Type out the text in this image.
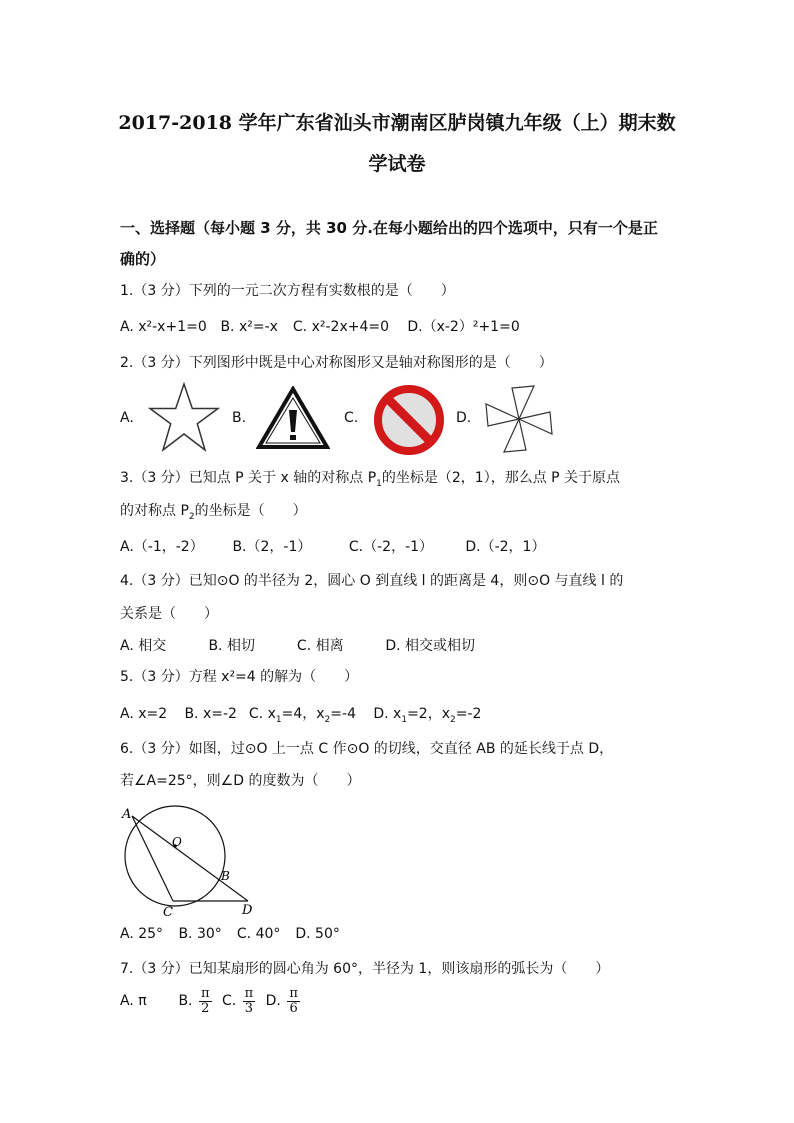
2017-2018 学年广东省汕头市潮南区胪岗镇九年级（上）期末数
学试卷
一、选择题（每小题 3 分，共 30 分.在每小题给出的四个选项中，只有一个是正
确的）
1.（3 分）下列的一元二次方程有实数根的是（　　）
A. x²-x+1=0 B. x²=-x C. x²-2x+4=0 D.（x-2）²+1=0
2.（3 分）下列图形中既是中心对称图形又是轴对称图形的是（　　）
A.	B.	C.	D.
3.（3 分）已知点 P 关于 x 轴的对称点 $P_1$的坐标是（2，1），那么点 P 关于原点
的对称点 $P_2$的坐标是（　　）
A.（-1，-2） B.（2，-1）	C.（-2，-1） D.（-2，1）
4.（3 分）已知⊙O 的半径为 2，圆心 O 到直线 l 的距离是 4，则⊙O 与直线 l 的
关系是（　　）
A. 相交	B. 相切	C. 相离	D. 相交或相切
5.（3 分）方程 x²=4 的解为（　　）
A. x=2 B. x=-2 C. $x_1=4$，$x_2=-4$ D. $x_1=2$，$x_2=-2$
6.（3 分）如图，过⊙O 上一点 C 作⊙O 的切线，交直径 AB 的延长线于点 D，
若∠A=25°，则∠D 的度数为（　　）
A
O
B
C	D
A. 25° B. 30° C. 40° D. 50°
7.（3 分）已知某扇形的圆心角为 60°，半径为 1，则该扇形的弧长为（　　）
A. π B. $\frac{\pi}{2} C$. $\frac{\pi}{3} D$. $\frac{\pi}{6}$
